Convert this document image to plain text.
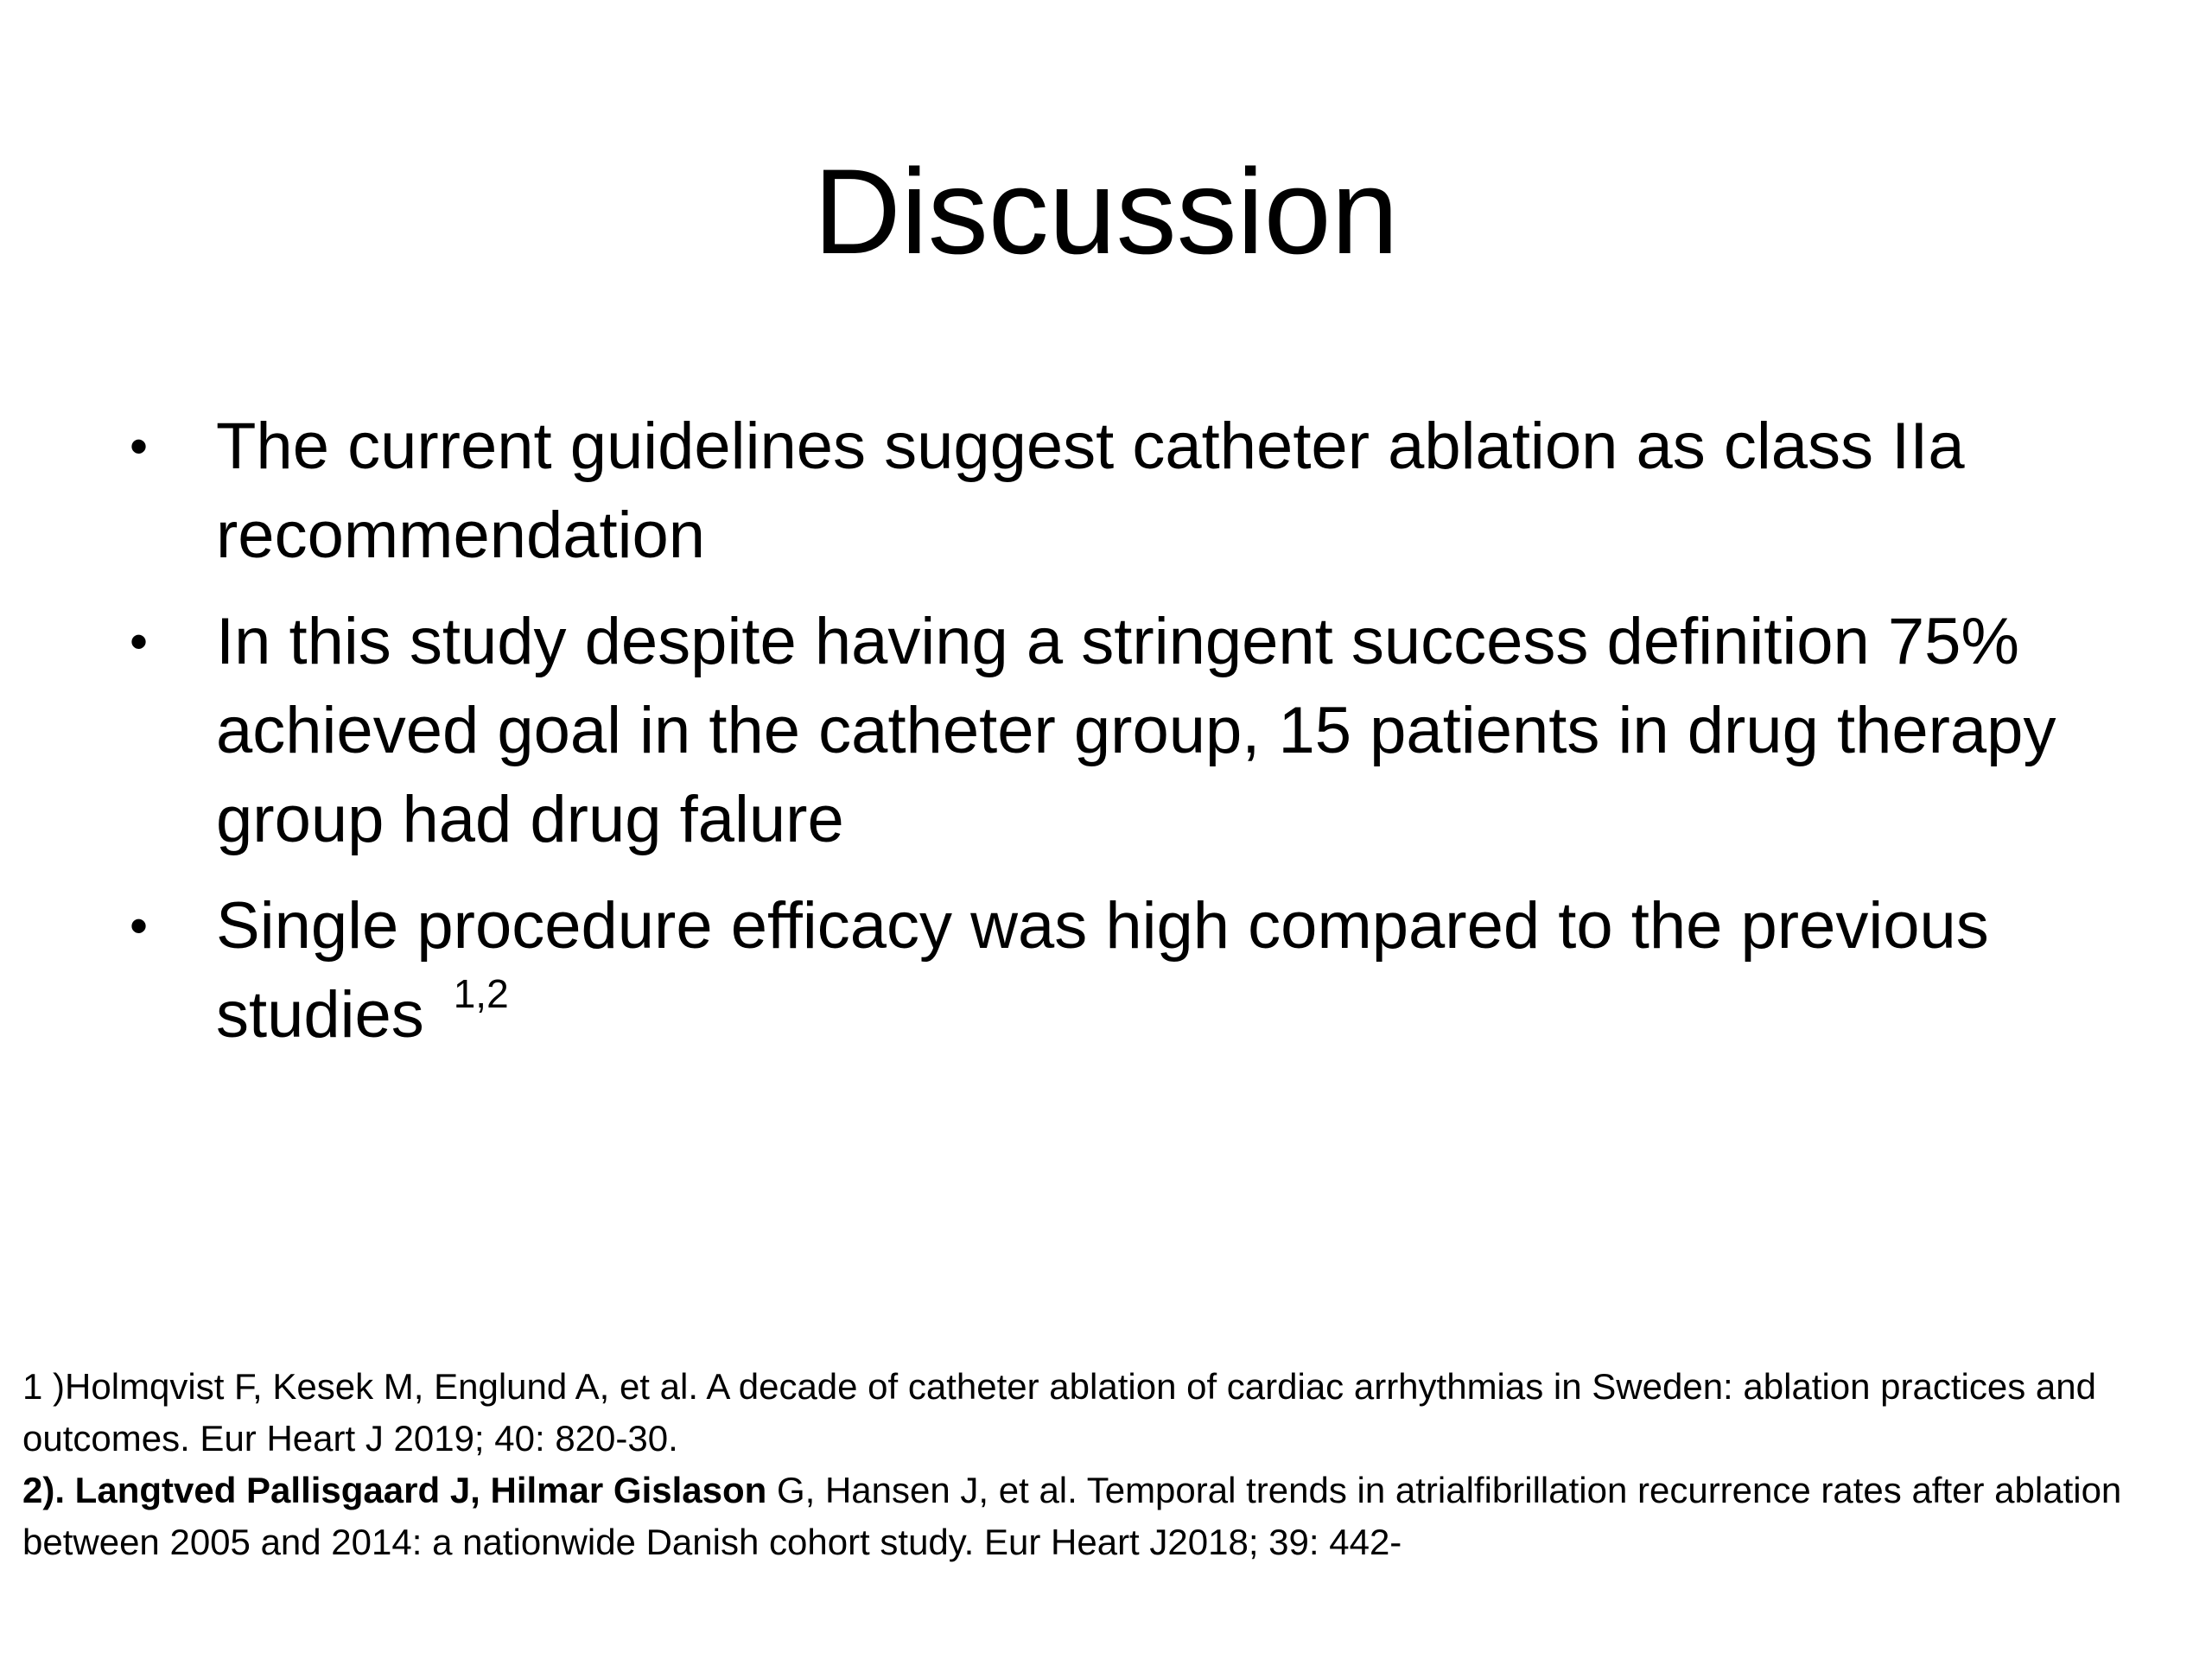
Discussion
•	The current guidelines suggest catheter ablation as class IIa recommendation
•	In this study despite having a stringent success definition 75% achieved goal in the catheter group, 15 patients in drug therapy group had drug falure
•	Single procedure efficacy was high compared to the previous studies  $^{1,2}$

1 )Holmqvist F, Kesek M, Englund A, et al. A decade of catheter ablation of cardiac arrhythmias in Sweden: ablation practices and outcomes. Eur Heart J 2019; 40: 820-30.

2). Langtved Pallisgaard J, Hilmar Gislason G, Hansen J, et al. Temporal trends in atrialfibrillation recurrence rates after ablation between 2005 and 2014: a nationwide Danish cohort study. Eur Heart J2018; 39: 442-
